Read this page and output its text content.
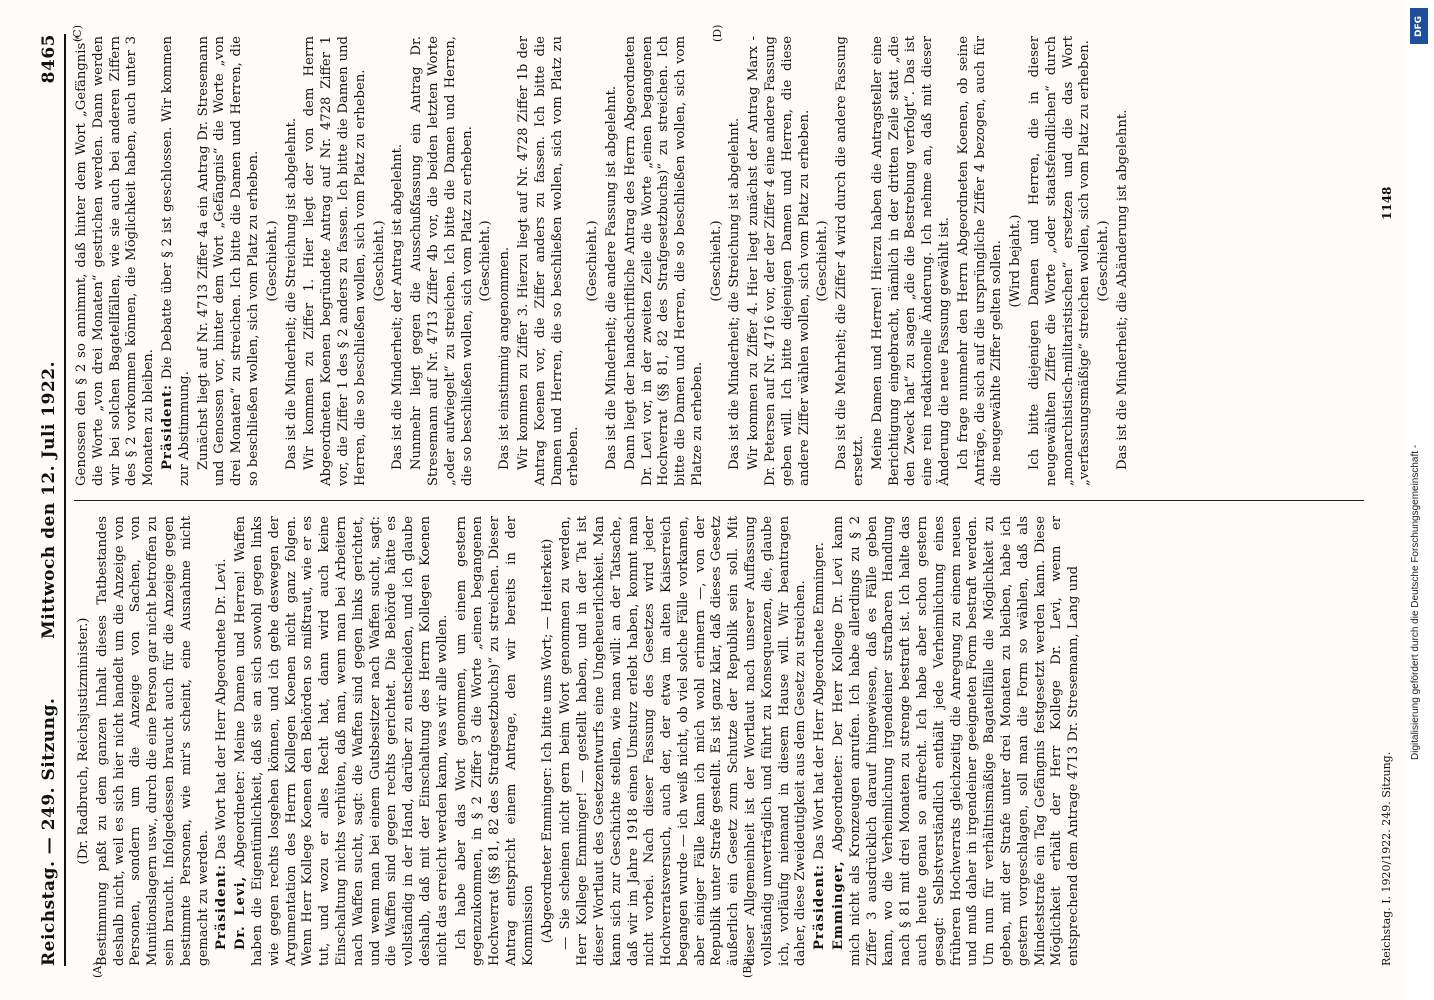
DFG
Digitalisierung gefördert durch die Deutsche Forschungsgemeinschaft -
Reichstag. — 249. Sitzung.
Mittwoch den 12. Juli 1922.
8465
(A)	(B)
(C)	(D)

(Dr. Radbruch, Reichsjustizminister.) Bestimmung paßt zu dem ganzen Inhalt dieses Tatbestandes deshalb nicht, weil es sich hier nicht handelt um die Anzeige von Personen, sondern um die Anzeige von Sachen, von Munitionslagern usw., durch die eine Person gar nicht betroffen zu sein braucht. Infolgedessen braucht auch für die Anzeige gegen bestimmte Personen, wie mir's scheint, eine Ausnahme nicht gemacht zu werden. Präsident: Das Wort hat der Herr Abgeordnete Dr. Levi.

Dr. Levi, Abgeordneter: Meine Damen und Herren! Waffen haben die Eigentümlichkeit, daß sie an sich sowohl gegen links wie gegen rechts losgehen können, und ich gehe deswegen der Argumentation des Herrn Kollegen Koenen nicht ganz folgen. Wenn Herr Kollege Koenen den Behörden so mißtraut, wie er es tut, und wozu er alles Recht hat, dann wird auch keine Einschaltung nichts verhüten, daß man, wenn man bei Arbeitern nach Waffen sucht, sagt: die Waffen sind gegen links gerichtet, und wenn man bei einem Gutsbesitzer nach Waffen sucht, sagt: die Waffen sind gegen rechts gerichtet. Die Behörde hätte es vollständig in der Hand, darüber zu entscheiden, und ich glaube deshalb, daß mit der Einschaltung des Herrn Kollegen Koenen nicht das erreicht werden kann, was wir alle wollen. Ich habe aber das Wort genommen, um einem gestern gegenzukommen, in § 2 Ziffer 3 die Worte „einen begangenen Hochverrat (§§ 81, 82 des Strafgesetzbuchs)“ zu streichen. Dieser Antrag entspricht einem Antrage, den wir bereits in der Kommission (Abgeordneter Emminger: Ich bitte ums Wort; — Heiterkeit) — Sie scheinen nicht gern beim Wort genommen zu werden, Herr Kollege Emminger! — gestellt haben, und in der Tat ist dieser Wortlaut des Gesetzentwurfs eine Ungeheuerlichkeit. Man kann sich zur Geschichte stellen, wie man will: an der Tatsache, daß wir im Jahre 1918 einen Umsturz erlebt haben, kommt man nicht vorbei. Nach dieser Fassung des Gesetzes wird jeder Hochverratsversuch, auch der, der etwa im alten Kaiserreich begangen wurde — ich weiß nicht, ob viel solche Fälle vorkamen, aber einiger Fälle kann ich mich wohl erinnern —, von der Republik unter Strafe gestellt. Es ist ganz klar, daß dieses Gesetz äußerlich ein Gesetz zum Schutze der Republik sein soll. Mit dieser Allgemeinheit ist der Wortlaut nach unserer Auffassung vollständig unverträglich und führt zu Konsequenzen, die, glaube ich, vorläufig niemand in diesem Hause will. Wir beantragen daher, diese Zweideutigkeit aus dem Gesetz zu streichen. Präsident: Das Wort hat der Herr Abgeordnete Emminger.

Emminger, Abgeordneter: Der Herr Kollege Dr. Levi kann mich nicht als Kronzeugen anrufen. Ich habe allerdings zu § 2 Ziffer 3 ausdrücklich darauf hingewiesen, daß es Fälle geben kann, wo die Verheimlichung irgendeiner strafbaren Handlung nach § 81 mit drei Monaten zu strenge bestraft ist. Ich halte das auch heute genau so aufrecht. Ich habe aber schon gestern gesagt: Selbstverständlich enthält jede Verheimlichung eines früheren Hochverrats gleichzeitig die Anregung zu einem neuen und muß daher in irgendeiner geeigneten Form bestraft werden. Um nun für verhältnismäßige Bagatellfälle die Möglichkeit zu geben, mit der Strafe unter drei Monaten zu bleiben, habe ich gestern vorgeschlagen, soll man die Form so wählen, daß als Mindeststrafe ein Tag Gefängnis festgesetzt werden kann. Diese Möglichkeit erhält der Herr Kollege Dr. Levi, wenn er entsprechend dem Antrage 4713 Dr. Stresemann, Lang und

Genossen den § 2 so annimmt, daß hinter dem Wort „Gefängnis“ die Worte „von drei Monaten“ gestrichen werden. Dann werden wir bei solchen Bagatellfällen, wie sie auch bei anderen Ziffern des § 2 vorkommen können, die Möglichkeit haben, auch unter 3 Monaten zu bleiben. Präsident: Die Debatte über § 2 ist geschlossen. Wir kommen zur Abstimmung. Zunächst liegt auf Nr. 4713 Ziffer 4a ein Antrag Dr. Stresemann und Genossen vor, hinter dem Wort „Gefängnis“ die Worte „von drei Monaten“ zu streichen. Ich bitte die Damen und Herren, die so beschließen wollen, sich vom Platz zu erheben. (Geschieht.) Das ist die Minderheit; die Streichung ist abgelehnt. Wir kommen zu Ziffer 1. Hier liegt der von dem Herrn Abgeordneten Koenen begründete Antrag auf Nr. 4728 Ziffer 1 vor, die Ziffer 1 des § 2 anders zu fassen. Ich bitte die Damen und Herren, die so beschließen wollen, sich vom Platz zu erheben. (Geschieht.) Das ist die Minderheit; der Antrag ist abgelehnt. Nunmehr liegt gegen die Ausschußfassung ein Antrag Dr. Stresemann auf Nr. 4713 Ziffer 4b vor, die beiden letzten Worte „oder aufwiegelt“ zu streichen. Ich bitte die Damen und Herren, die so beschließen wollen, sich vom Platz zu erheben. (Geschieht.) Das ist einstimmig angenommen. Wir kommen zu Ziffer 3. Hierzu liegt auf Nr. 4728 Ziffer 1b der Antrag Koenen vor, die Ziffer anders zu fassen. Ich bitte die Damen und Herren, die so beschließen wollen, sich vom Platz zu erheben.

(Geschieht.) Das ist die Minderheit; die andere Fassung ist abgelehnt. Dann liegt der handschriftliche Antrag des Herrn Abgeordneten Dr. Levi vor, in der zweiten Zeile die Worte „einen begangenen Hochverrat (§§ 81, 82 des Strafgesetzbuchs)“ zu streichen. Ich bitte die Damen und Herren, die so beschließen wollen, sich vom Platze zu erheben.

(Geschieht.) Das ist die Minderheit; die Streichung ist abgelehnt. Wir kommen zu Ziffer 4. Hier liegt zunächst der Antrag Marx - Dr. Petersen auf Nr. 4716 vor, der der Ziffer 4 eine andere Fassung geben will. Ich bitte diejenigen Damen und Herren, die diese andere Ziffer wählen wollen, sich vom Platz zu erheben. (Geschieht.) Das ist die Mehrheit; die Ziffer 4 wird durch die andere Fassung ersetzt. Meine Damen und Herren! Hierzu haben die Antragsteller eine Berichtigung eingebracht, nämlich in der dritten Zeile statt „die den Zweck hat“ zu sagen „die die Bestrebung verfolgt“. Das ist eine rein redaktionelle Änderung. Ich nehme an, daß mit dieser Änderung die neue Fassung gewählt ist. Ich frage nunmehr den Herrn Abgeordneten Koenen, ob seine Anträge, die sich auf die ursprüngliche Ziffer 4 bezogen, auch für die neugewählte Ziffer gelten sollen. (Wird bejaht.) Ich bitte diejenigen Damen und Herren, die in dieser neugewählten Ziffer die Worte „oder staatsfeindlichen“ durch „monarchistisch-militaristischen“ ersetzen und die das Wort „verfassungsmäßige“ streichen wollen, sich vom Platz zu erheben. (Geschieht.) Das ist die Minderheit; die Abänderung ist abgelehnt.

Reichstag. I. 1920/1922. 249. Sitzung.
1148
